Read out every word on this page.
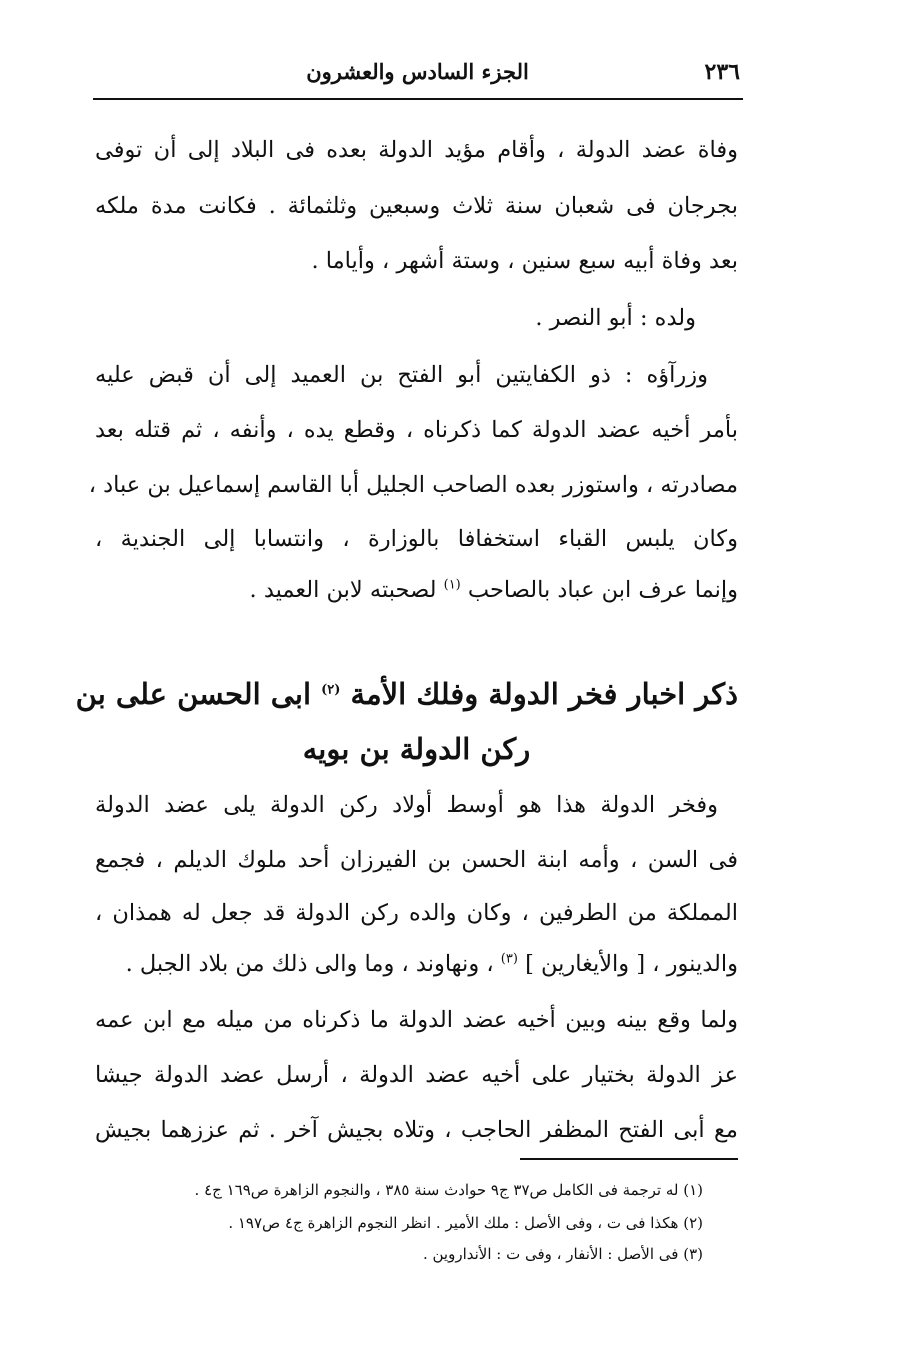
٢٣٦
الجزء السادس والعشرون
وفاة عضد الدولة ، وأقام مؤيد الدولة بعده فى البلاد إلى أن توفى
بجرجان فى شعبان سنة ثلاث وسبعين وثلثمائة . فكانت مدة ملكه
بعد وفاة أبيه سبع سنين ، وستة أشهر ، وأياما .
ولده : أبو النصر .
وزرآؤه : ذو الكفايتين أبو الفتح بن العميد إلى أن قبض عليه
بأمر أخيه عضد الدولة كما ذكرناه ، وقطع يده ، وأنفه ، ثم قتله بعد
مصادرته ، واستوزر بعده الصاحب الجليل أبا القاسم إسماعيل بن عباد ،
وكان يلبس القباء استخفافا بالوزارة ، وانتسابا إلى الجندية ،
وإنما عرف ابن عباد بالصاحب $^{(١)}$ لصحبته لابن العميد .
ذكر اخبار فخر الدولة وفلك الأمة $^{(٢)}$ ابى الحسن على بن
ركن الدولة بن بويه
وفخر الدولة هذا هو أوسط أولاد ركن الدولة يلى عضد الدولة
فى السن ، وأمه ابنة الحسن بن الفيرزان أحد ملوك الديلم ، فجمع
المملكة من الطرفين ، وكان والده ركن الدولة قد جعل له همذان ،
والدينور ، [ والأيغارين ] $^{(٣)}$ ، ونهاوند ، وما والى ذلك من بلاد الجبل .
ولما وقع بينه وبين أخيه عضد الدولة ما ذكرناه من ميله مع ابن عمه
عز الدولة بختيار على أخيه عضد الدولة ، أرسل عضد الدولة جيشا
مع أبى الفتح المظفر الحاجب ، وتلاه بجيش آخر . ثم عززهما بجيش
(١) له ترجمة فى الكامل ص٣٧ ج٩ حوادث سنة ٣٨٥ ، والنجوم الزاهرة ص١٦٩ ج٤ .
(٢) هكذا فى ت ، وفى الأصل : ملك الأمير . انظر النجوم الزاهرة ج٤ ص١٩٧ .
(٣) فى الأصل : الأنفار ، وفى ت : الأنداروين .
